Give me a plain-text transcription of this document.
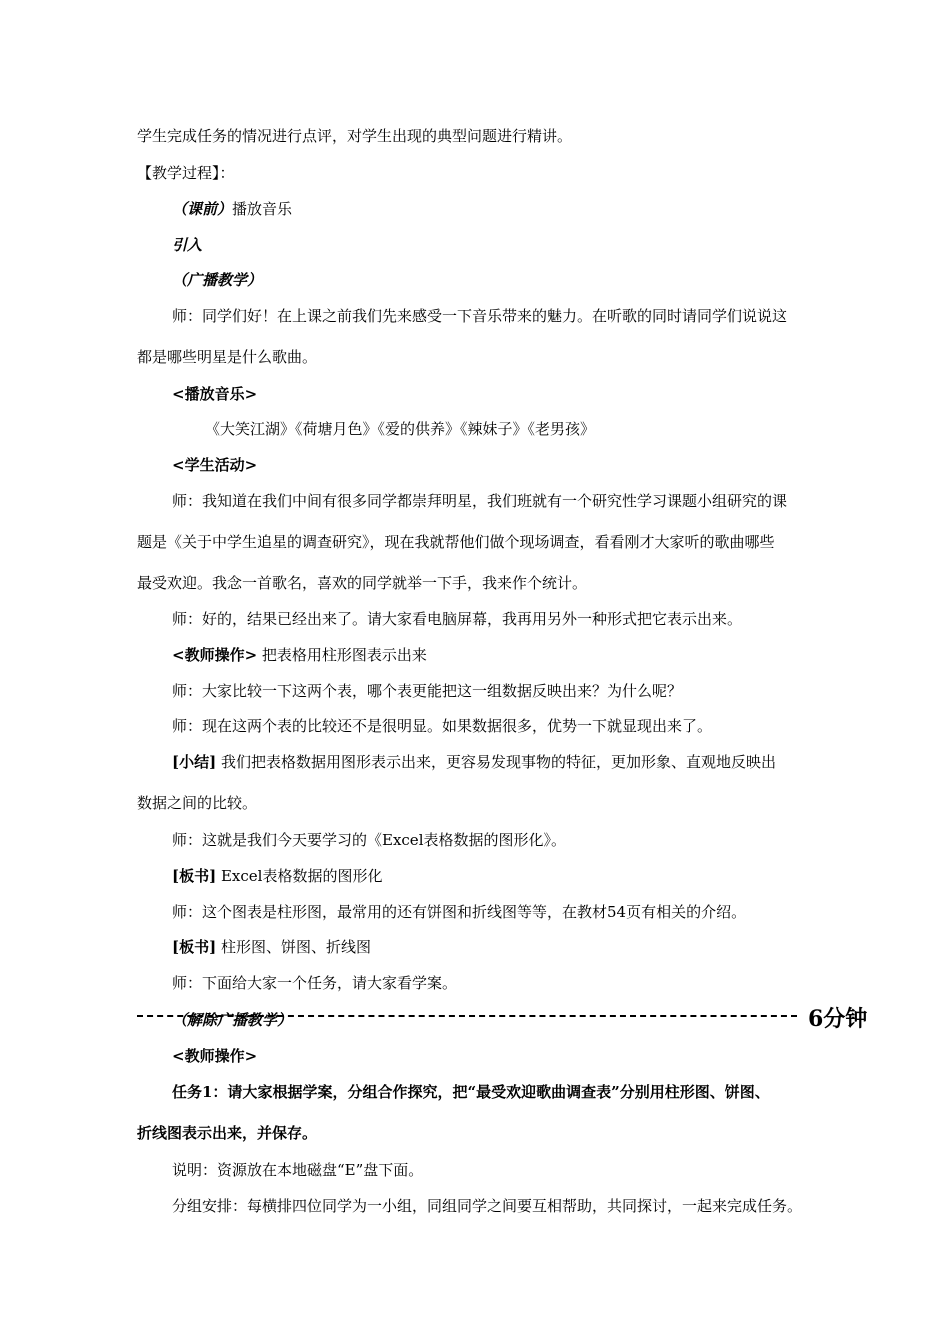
学生完成任务的情况进行点评，对学生出现的典型问题进行精讲。
【教学过程】：
（课前）播放音乐
引入
（广播教学）
师：同学们好！在上课之前我们先来感受一下音乐带来的魅力。在听歌的同时请同学们说说这
都是哪些明星是什么歌曲。
<播放音乐>
《大笑江湖》《荷塘月色》《爱的供养》《辣妹子》《老男孩》
<学生活动>
师：我知道在我们中间有很多同学都崇拜明星，我们班就有一个研究性学习课题小组研究的课
题是《关于中学生追星的调查研究》，现在我就帮他们做个现场调查，看看刚才大家听的歌曲哪些
最受欢迎。我念一首歌名，喜欢的同学就举一下手，我来作个统计。
师：好的，结果已经出来了。请大家看电脑屏幕，我再用另外一种形式把它表示出来。
<教师操作> 把表格用柱形图表示出来
师：大家比较一下这两个表，哪个表更能把这一组数据反映出来？为什么呢？
师：现在这两个表的比较还不是很明显。如果数据很多，优势一下就显现出来了。
[小结] 我们把表格数据用图形表示出来，更容易发现事物的特征，更加形象、直观地反映出
数据之间的比较。
师：这就是我们今天要学习的《Excel表格数据的图形化》。
[板书] Excel表格数据的图形化
师：这个图表是柱形图，最常用的还有饼图和折线图等等，在教材54页有相关的介绍。
[板书] 柱形图、饼图、折线图
师：下面给大家一个任务，请大家看学案。
6分钟
（解除广播教学）
<教师操作>
任务1：请大家根据学案，分组合作探究，把“最受欢迎歌曲调查表”分别用柱形图、饼图、
折线图表示出来，并保存。
说明：资源放在本地磁盘“E”盘下面。
分组安排：每横排四位同学为一小组，同组同学之间要互相帮助，共同探讨，一起来完成任务。
